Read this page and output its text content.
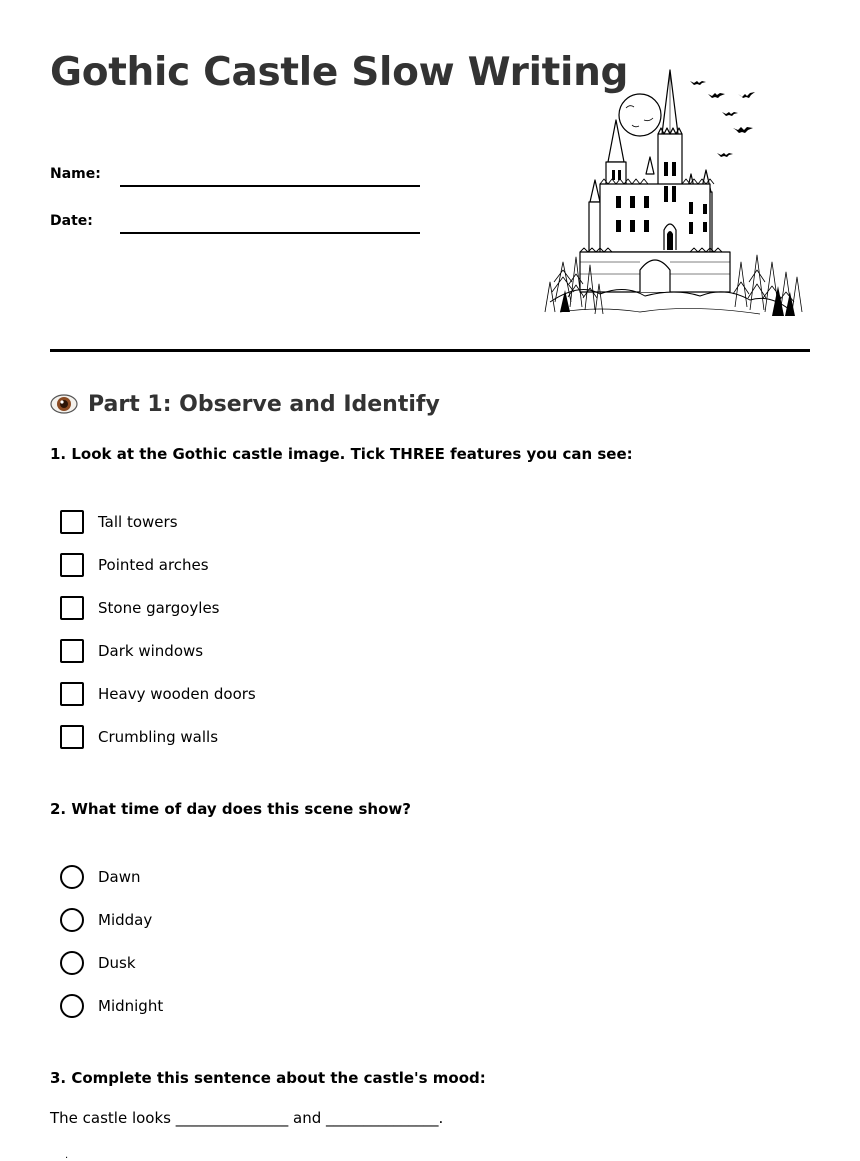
Gothic Castle Slow Writing
Name:
Date:
Part 1: Observe and Identify
1. Look at the Gothic castle image. Tick THREE features you can see:
Tall towers
Pointed arches
Stone gargoyles
Dark windows
Heavy wooden doors
Crumbling walls
2. What time of day does this scene show?
Dawn
Midday
Dusk
Midnight
3. Complete this sentence about the castle's mood:
The castle looks _______________ and _______________.
.
